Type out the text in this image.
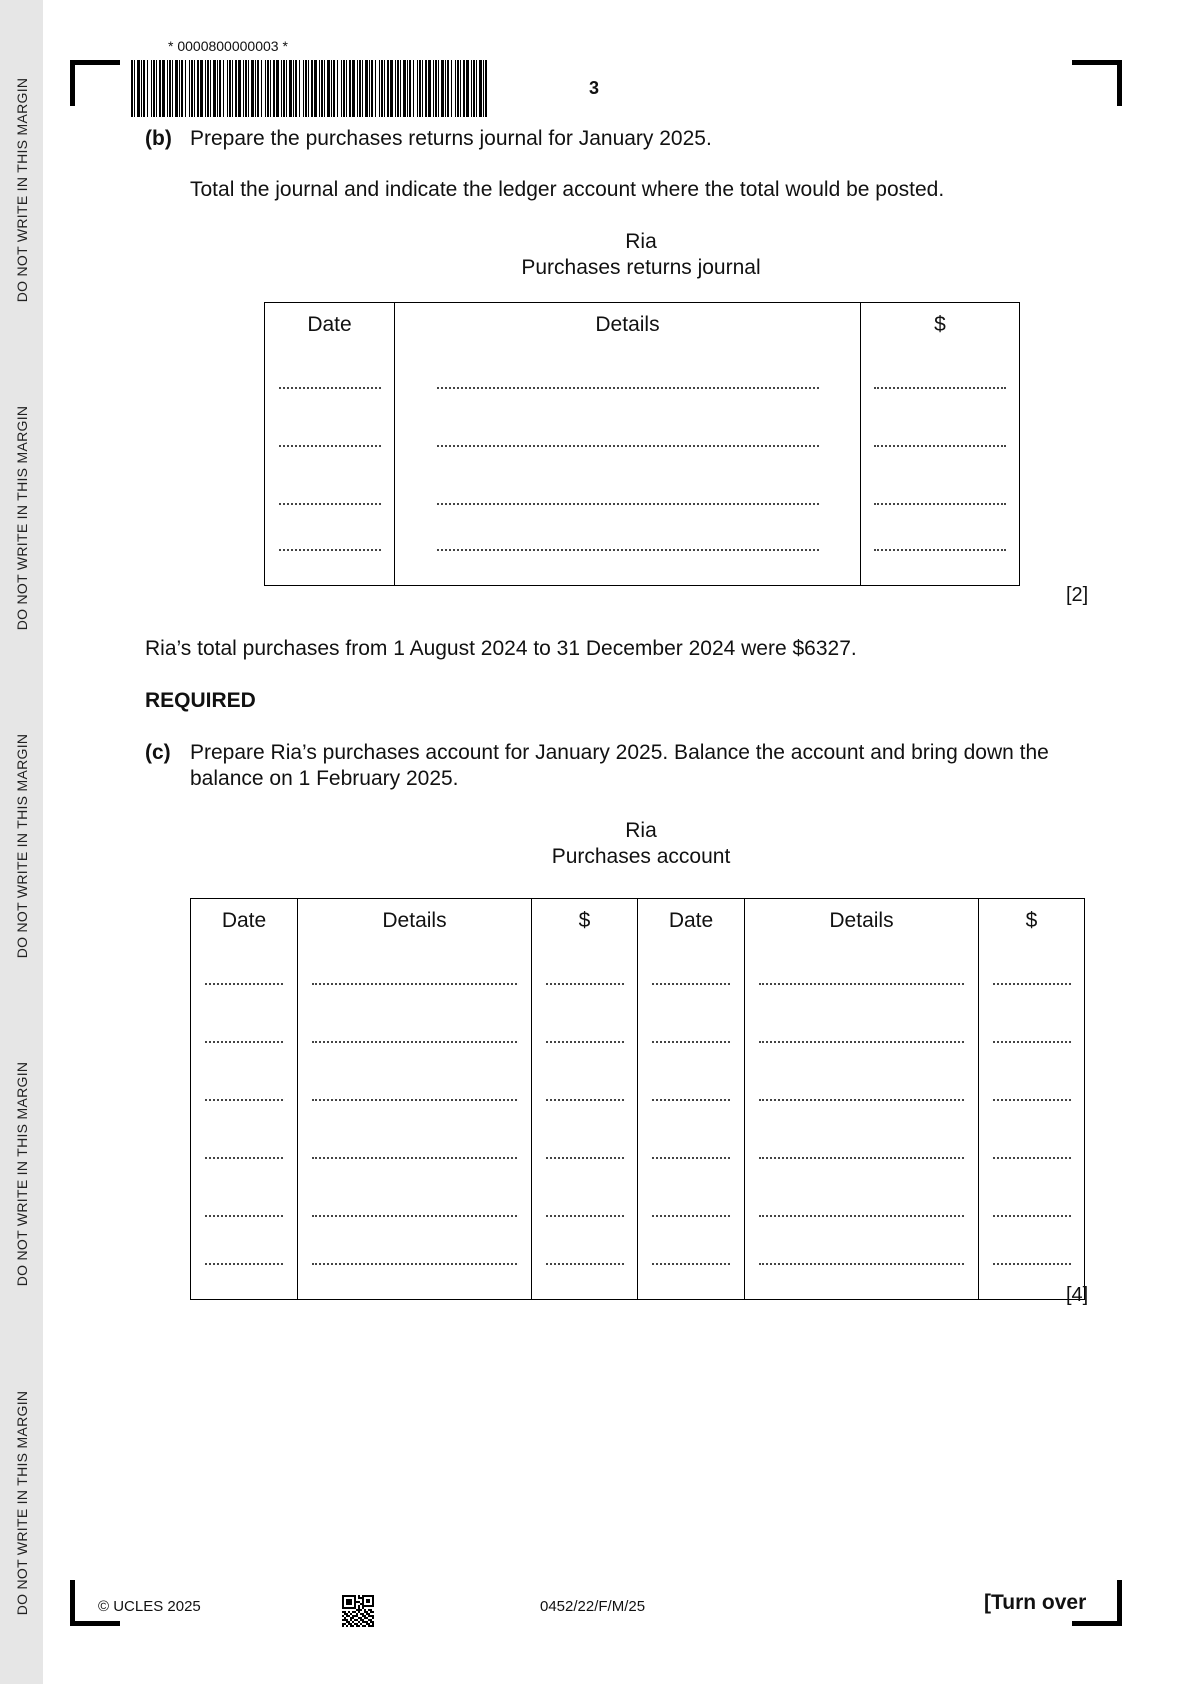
DO NOT WRITE IN THIS MARGIN
DO NOT WRITE IN THIS MARGIN
DO NOT WRITE IN THIS MARGIN
DO NOT WRITE IN THIS MARGIN
DO NOT WRITE IN THIS MARGIN
* 0000800000003 *
3
(b) Prepare the purchases returns journal for January 2025.
Total the journal and indicate the ledger account where the total would be posted.
Ria
Purchases returns journal
Date	Details	$

[2]
Ria’s total purchases from 1 August 2024 to 31 December 2024 were $6327.
REQUIRED
(c) Prepare Ria’s purchases account for January 2025. Balance the account and bring down the
balance on 1 February 2025.
Ria
Purchases account
Date	Details	$	Date	Details	$

[4]
© UCLES 2025	0452/22/F/M/25	[Turn over
